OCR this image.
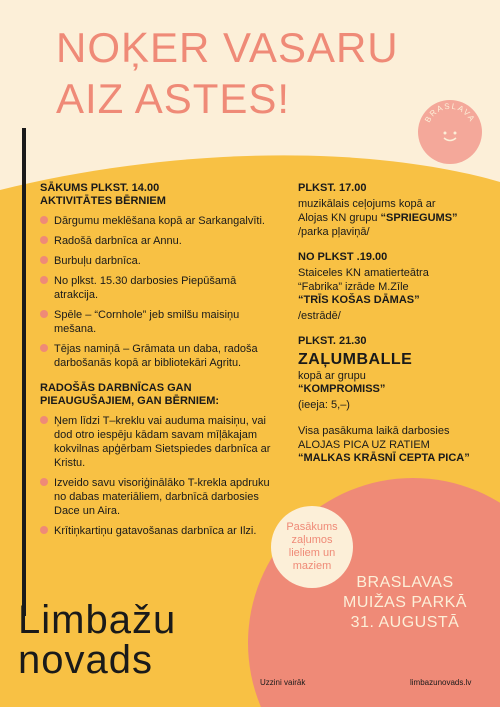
NOĶER VASARU
AIZ ASTES!	BRASLAVA
SĀKUMS PLKST. 14.00
AKTIVITĀTES BĒRNIEM
Dārgumu meklēšana kopā ar Sarkangalvīti.
Radošā darbnīca ar Annu.
Burbuļu darbnīca.
No plkst. 15.30 darbosies Piepūšamā atrakcija.
Spēle – “Cornhole” jeb smilšu maisiņu mešana.
Tējas namiņā – Grāmata un daba, radoša darbošanās kopā ar bibliotekāri Agritu.
RADOŠĀS DARBNĪCAS GAN
PIEAUGUŠAJIEM, GAN BĒRNIEM:
Ņem līdzi T–kreklu vai auduma maisiņu, vai dod otro iespēju kādam savam mīļākajam kokvilnas apģērbam Sietspiedes darbnīca ar Kristu.
Izveido savu visoriģinālāko T-krekla apdruku no dabas materiāliem, darbnīcā darbosies Dace un Aira.
Krītiņkartiņu gatavošanas darbnīca ar Ilzi.
PLKST. 17.00
muzikālais ceļojums kopā ar
Alojas KN grupu “SPRIEGUMS”
/parka pļaviņā/
NO PLKST .19.00
Staiceles KN amatierteātra
“Fabrika” izrāde M.Zīle
“TRĪS KOŠAS DĀMAS”
/estrādē/
PLKST. 21.30
ZAĻUMBALLE
kopā ar grupu
“KOMPROMISS”
(ieeja: 5,–)
Visa pasākuma laikā darbosies
ALOJAS PICA UZ RATIEM
“MALKAS KRĀSNĪ CEPTA PICA”
Pasākums
zaļumos
lieliem un
maziem
BRASLAVAS
MUIŽAS PARKĀ
31. AUGUSTĀ
Limbažu
novads
Uzzini vairāk	limbazunovads.lv
